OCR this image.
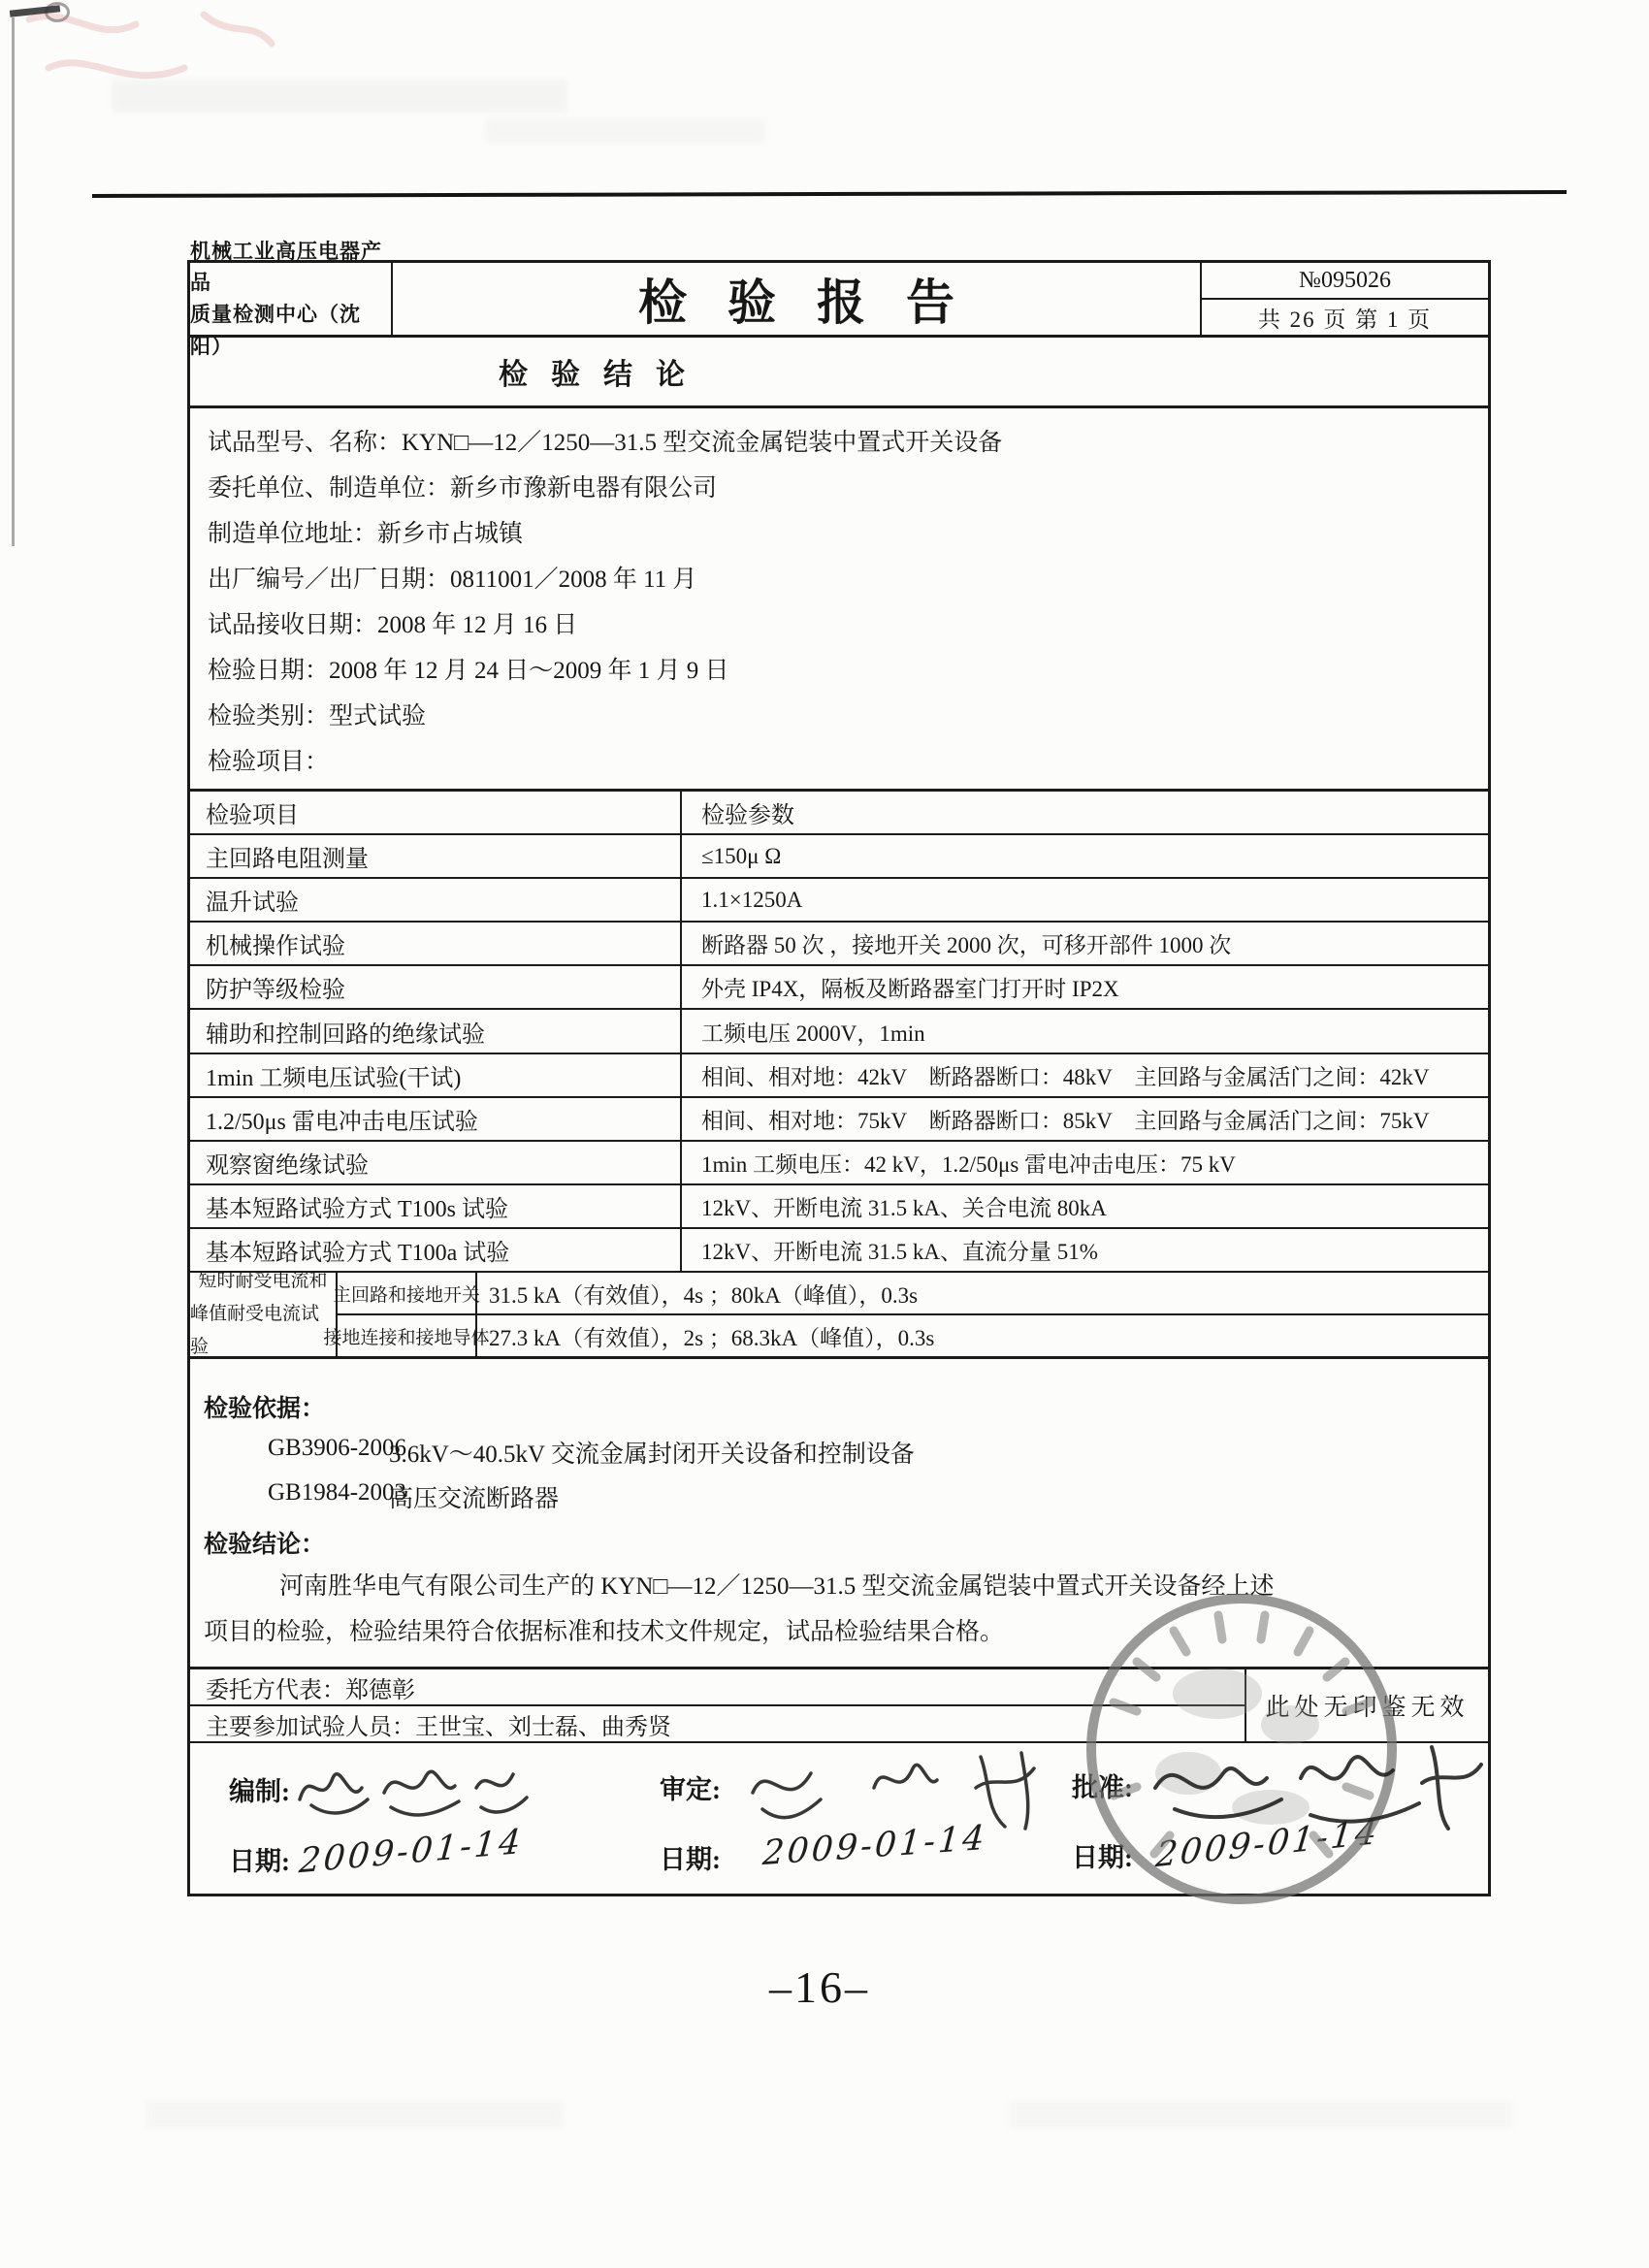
机械工业高压电器产品
质量检测中心（沈阳）
检验报告	№095026
共 26 页 第 1 页
检验结论
试品型号、名称：KYN□—12／1250—31.5 型交流金属铠装中置式开关设备
委托单位、制造单位：新乡市豫新电器有限公司
制造单位地址：新乡市占城镇
出厂编号／出厂日期：0811001／2008 年 11 月
试品接收日期：2008 年 12 月 16 日
检验日期：2008 年 12 月 24 日～2009 年 1 月 9 日
检验类别：型式试验
检验项目：
检验项目	检验参数
主回路电阻测量	≤150μ Ω
温升试验	1.1×1250A
机械操作试验	断路器 50 次 ，接地开关 2000 次，可移开部件 1000 次
防护等级检验	外壳 IP4X，隔板及断路器室门打开时 IP2X
辅助和控制回路的绝缘试验	工频电压 2000V，1min
1min 工频电压试验(干试)	相间、相对地：42kV　断路器断口：48kV　主回路与金属活门之间：42kV
1.2/50μs 雷电冲击电压试验	相间、相对地：75kV　断路器断口：85kV　主回路与金属活门之间：75kV
观察窗绝缘试验	1min 工频电压：42 kV，1.2/50μs 雷电冲击电压：75 kV
基本短路试验方式 T100s 试验	12kV、开断电流 31.5 kA、关合电流 80kA
基本短路试验方式 T100a 试验	12kV、开断电流 31.5 kA、直流分量 51%
短时耐受电流和
峰值耐受电流试验
主回路和接地开关 31.5 kA（有效值），4s ；80kA（峰值），0.3s
接地连接和接地导体 27.3 kA（有效值），2s ；68.3kA（峰值），0.3s
检验依据：
GB3906-2006
3.6kV～40.5kV 交流金属封闭开关设备和控制设备
GB1984-2003
高压交流断路器
检验结论：
河南胜华电气有限公司生产的 KYN□—12／1250—31.5 型交流金属铠装中置式开关设备经上述
项目的检验，检验结果符合依据标准和技术文件规定，试品检验结果合格。
委托方代表：郑德彰
主要参加试验人员：王世宝、刘士磊、曲秀贤
此处无印鉴无效
编制:	审定:	批准:
日期:	日期:	日期:
2009-01-14	2009-01-14	2009-01-14
–16–
